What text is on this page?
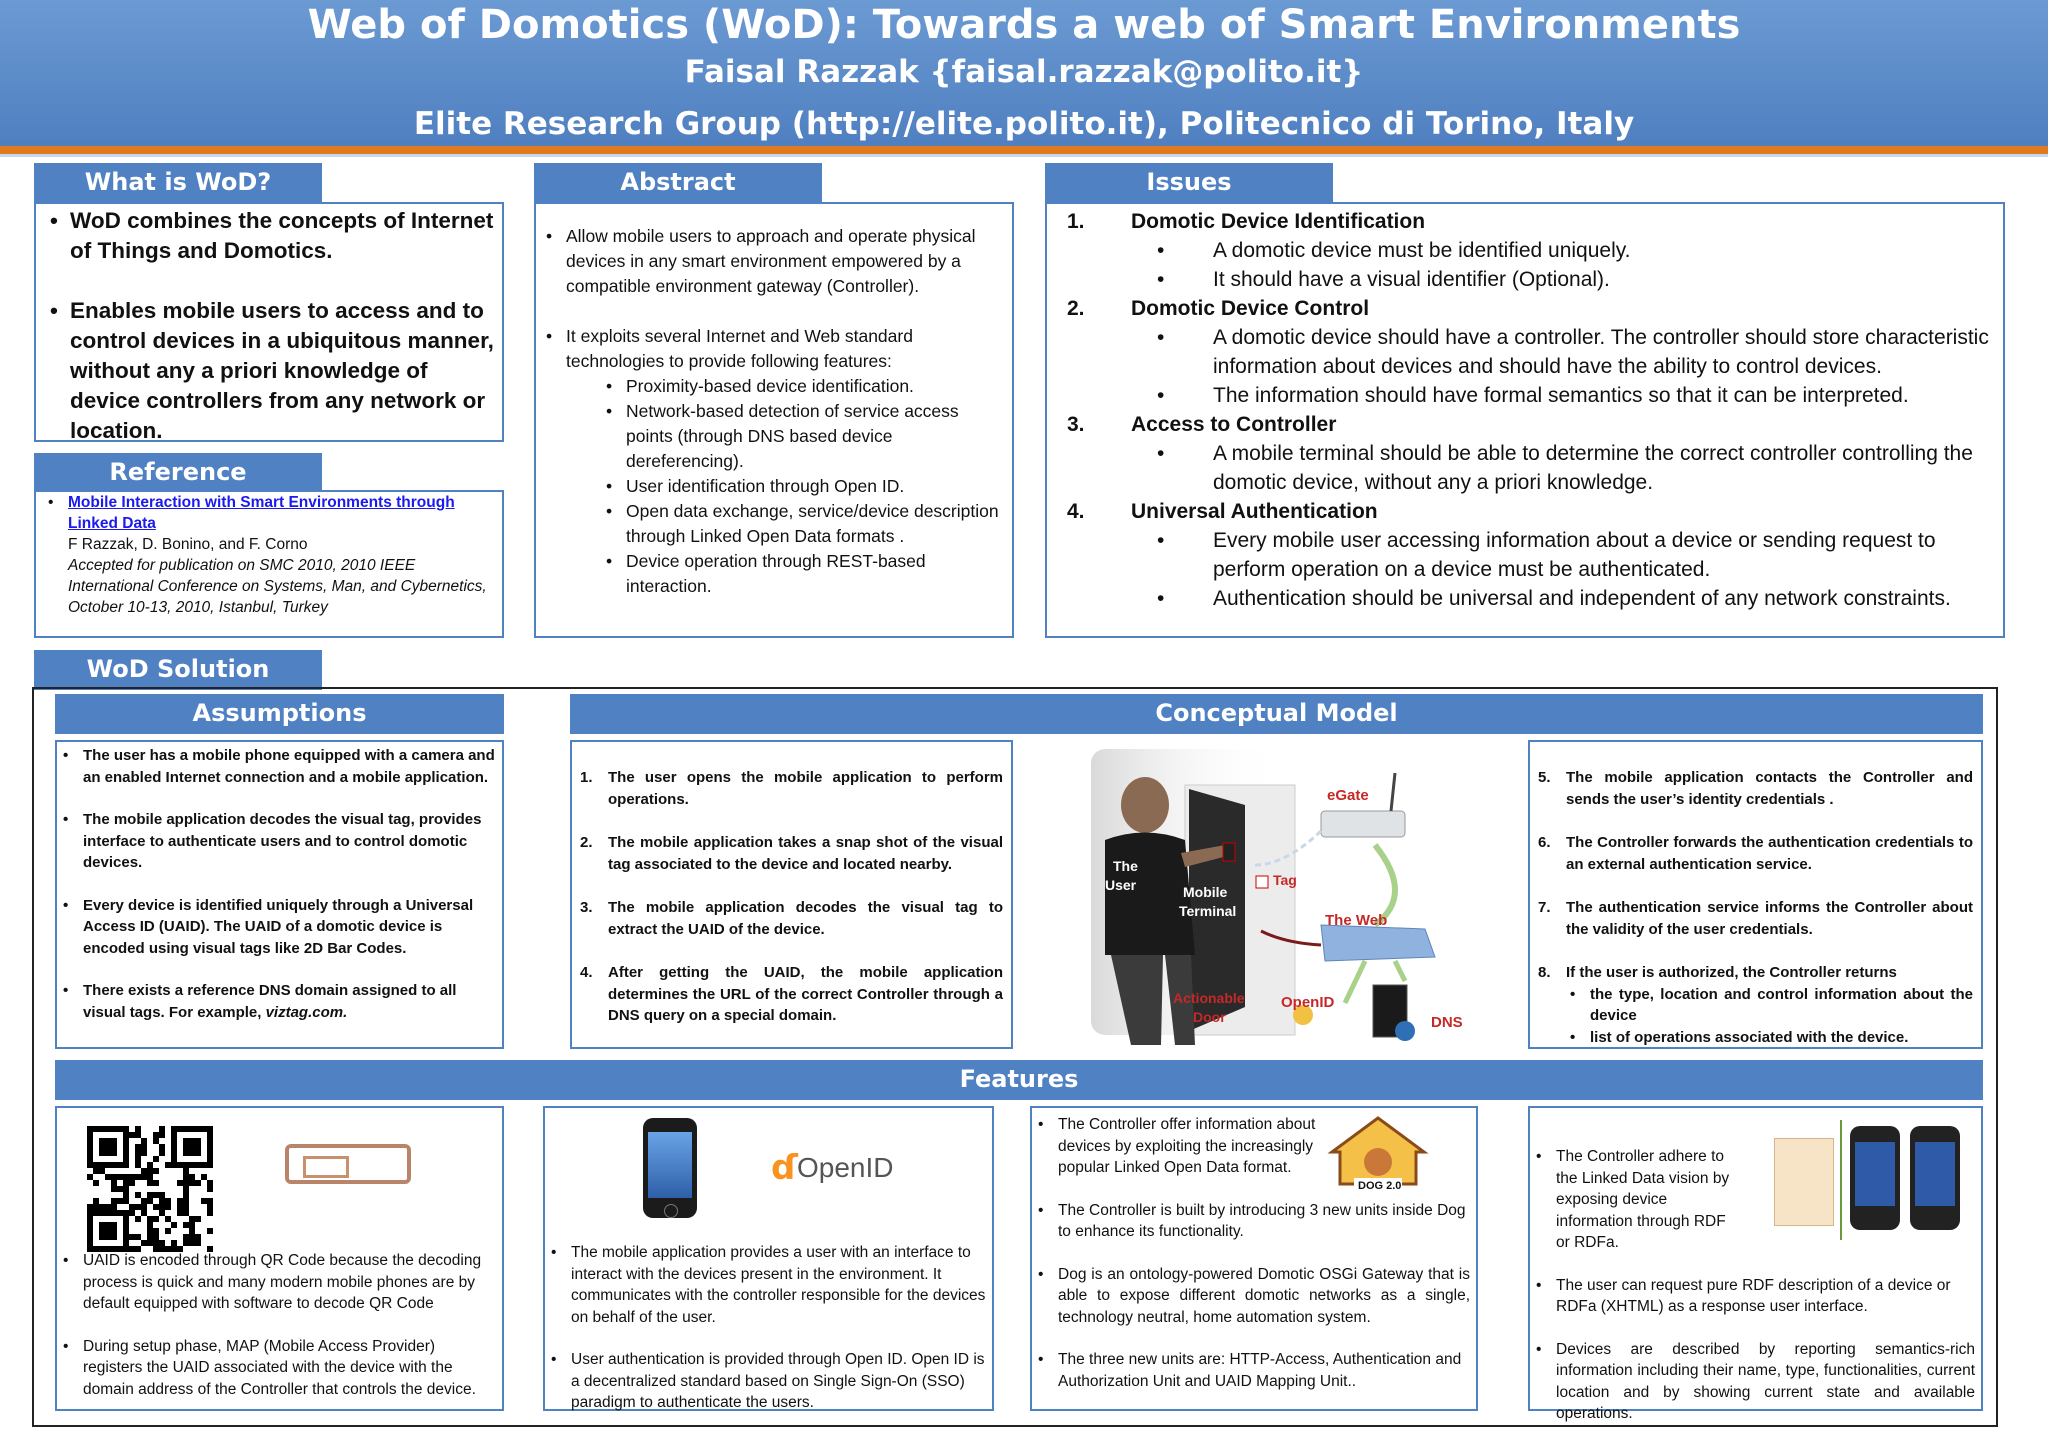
Web of Domotics (WoD): Towards a web of Smart Environments
Faisal Razzak {faisal.razzak@polito.it}
Elite Research Group (http://elite.polito.it), Politecnico di Torino, Italy
What is WoD?
• WoD combines the concepts of Internet of Things and Domotics.
• Enables mobile users to access and to control devices in a ubiquitous manner, without any a priori knowledge of device controllers from any network or location.
Reference
• Mobile Interaction with Smart Environments through Linked Data
F Razzak, D. Bonino, and F. Corno
Accepted for publication on SMC 2010, 2010 IEEE International Conference on Systems, Man, and Cybernetics, October 10-13, 2010, Istanbul, Turkey
Abstract
• Allow mobile users to approach and operate physical devices in any smart environment empowered by a compatible environment gateway (Controller).
• It exploits several Internet and Web standard technologies to provide following features:
• Proximity-based device identification.
• Network-based detection of service access points (through DNS based device dereferencing).
• User identification through Open ID.
• Open data exchange, service/device description through Linked Open Data formats .
• Device operation through REST-based interaction.
Issues
1. Domotic Device Identification
• A domotic device must be identified uniquely.
• It should have a visual identifier (Optional).
2. Domotic Device Control
• A domotic device should have a controller. The controller should store characteristic information about devices and should have the ability to control devices.
• The information should have formal semantics so that it can be interpreted.
3. Access to Controller
• A mobile terminal should be able to determine the correct controller controlling the domotic device, without any a priori knowledge.
4. Universal Authentication
• Every mobile user accessing information about a device or sending request to perform operation on a device must be authenticated.
• Authentication should be universal and independent of any network constraints.
WoD Solution
Assumptions
• The user has a mobile phone equipped with a camera and an enabled Internet connection and a mobile application.
• The mobile application decodes the visual tag, provides interface to authenticate users and to control domotic devices.
• Every device is identified uniquely through a Universal Access ID (UAID). The UAID of a domotic device is encoded using visual tags like 2D Bar Codes.
• There exists a reference DNS domain assigned to all visual tags. For example, viztag.com.
Conceptual Model
1. The user opens the mobile application to perform operations.
2. The mobile application takes a snap shot of the visual tag associated to the device and located nearby.
3. The mobile application decodes the visual tag to extract the UAID of the device.
4. After getting the UAID, the mobile application determines the URL of the correct Controller through a DNS query on a special domain.
The
User	Mobile
Terminal
Tag
eGate
The Web
OpenID
DNS
Actionable
Door
5. The mobile application contacts the Controller and sends the user’s identity credentials .
6. The Controller forwards the authentication credentials to an external authentication service.
7. The authentication service informs the Controller about the validity of the user credentials.
8. If the user is authorized, the Controller returns
• the type, location and control information about the device
• list of operations associated with the device.
Features
• UAID is encoded through QR Code because the decoding process is quick and many modern mobile phones are by default equipped with software to decode QR Code
• During setup phase, MAP (Mobile Access Provider) registers the UAID associated with the device with the domain address of the Controller that controls the device.
ɗ OpenID
• The mobile application provides a user with an interface to interact with the devices present in the environment. It communicates with the controller responsible for the devices on behalf of the user.
• User authentication is provided through Open ID. Open ID is a decentralized standard based on Single Sign-On (SSO) paradigm to authenticate the users.
DOG 2.0
• The Controller offer information about devices by exploiting the increasingly popular Linked Open Data format.
• The Controller is built by introducing 3 new units inside Dog to enhance its functionality.
• Dog is an ontology-powered Domotic OSGi Gateway that is able to expose different domotic networks as a single, technology neutral, home automation system.
• The three new units are: HTTP-Access, Authentication and Authorization Unit and UAID Mapping Unit..
• The Controller adhere to the Linked Data vision by exposing device information through RDF or RDFa.
• The user can request pure RDF description of a device or RDFa (XHTML) as a response user interface.
• Devices are described by reporting semantics-rich information including their name, type, functionalities, current location and by showing current state and available operations.
